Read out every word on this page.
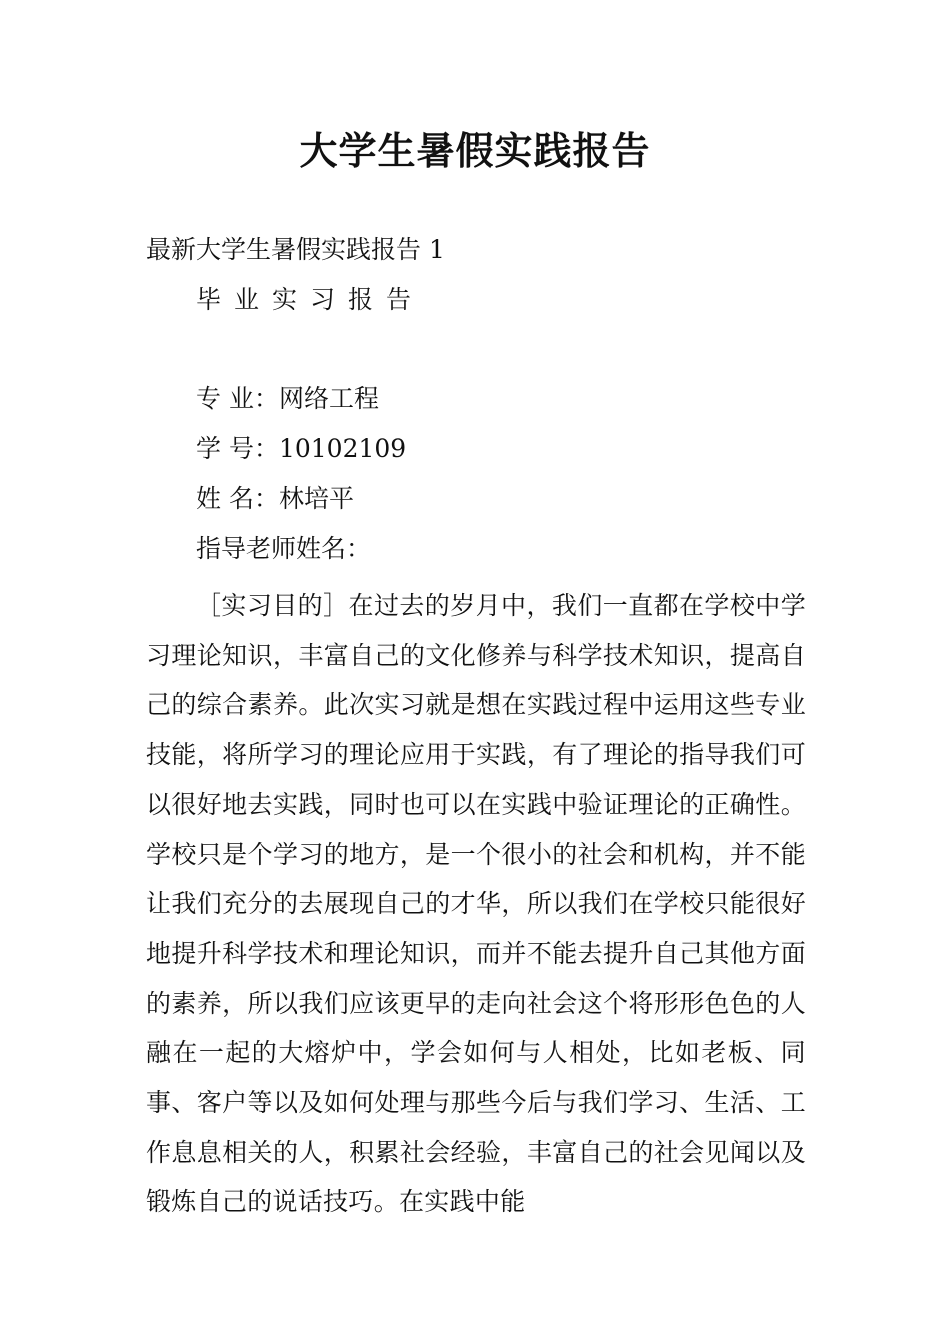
大学生暑假实践报告

最新大学生暑假实践报告 1

毕业实习报告

专 业：网络工程

学 号：10102109

姓 名：林培平

指导老师姓名：

［实习目的］在过去的岁月中，我们一直都在学校中学习理论知识，丰富自己的文化修养与科学技术知识，提高自己的综合素养。此次实习就是想在实践过程中运用这些专业技能，将所学习的理论应用于实践，有了理论的指导我们可以很好地去实践，同时也可以在实践中验证理论的正确性。学校只是个学习的地方，是一个很小的社会和机构，并不能让我们充分的去展现自己的才华，所以我们在学校只能很好地提升科学技术和理论知识，而并不能去提升自己其他方面的素养，所以我们应该更早的走向社会这个将形形色色的人融在一起的大熔炉中，学会如何与人相处，比如老板、同事、客户等以及如何处理与那些今后与我们学习、生活、工作息息相关的人，积累社会经验，丰富自己的社会见闻以及锻炼自己的说话技巧。在实践中能
